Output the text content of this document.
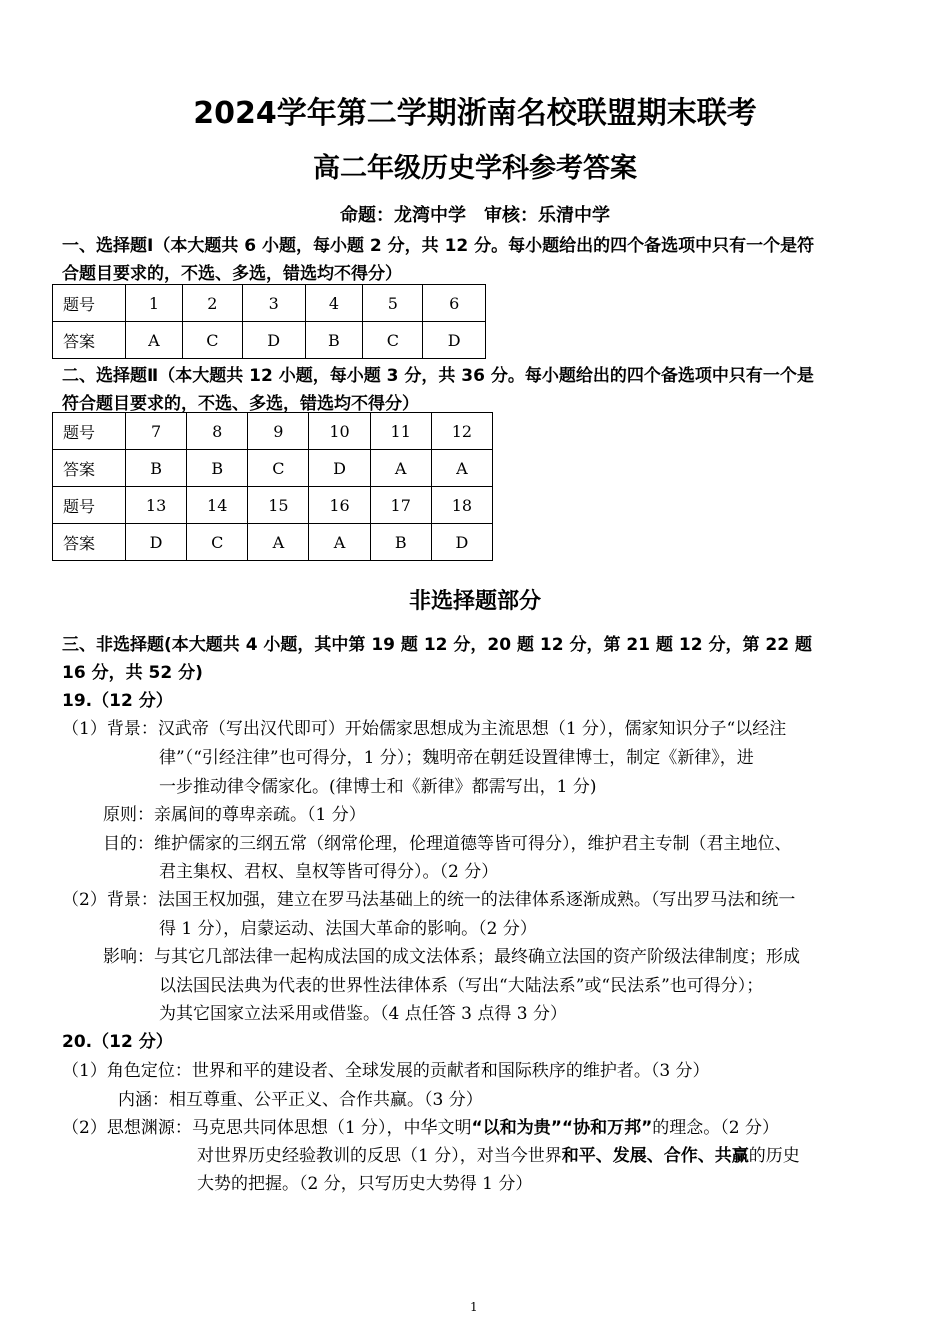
2024学年第二学期浙南名校联盟期末联考
高二年级历史学科参考答案
命题：龙湾中学　审核：乐清中学
一、选择题Ⅰ（本大题共 6 小题，每小题 2 分，共 12 分。每小题给出的四个备选项中只有一个是符
合题目要求的，不选、多选，错选均不得分）
题号	1	2	3	4	5	6
答案	A	C	D	B	C	D
二、选择题Ⅱ（本大题共 12 小题，每小题 3 分，共 36 分。每小题给出的四个备选项中只有一个是
符合题目要求的，不选、多选，错选均不得分）
题号	7	8	9	10	11	12
答案	B	B	C	D	A	A
题号	13	14	15	16	17	18
答案	D	C	A	A	B	D
非选择题部分
三、非选择题(本大题共 4 小题，其中第 19 题 12 分，20 题 12 分，第 21 题 12 分，第 22 题
16 分，共 52 分)
19.（12 分）
（1）背景：汉武帝（写出汉代即可）开始儒家思想成为主流思想（1 分），儒家知识分子“以经注
律”（“引经注律”也可得分，1 分）；魏明帝在朝廷设置律博士，制定《新律》，进
一步推动律令儒家化。(律博士和《新律》都需写出，1 分)
原则：亲属间的尊卑亲疏。（1 分）
目的：维护儒家的三纲五常（纲常伦理，伦理道德等皆可得分），维护君主专制（君主地位、
君主集权、君权、皇权等皆可得分）。（2 分）
（2）背景：法国王权加强，建立在罗马法基础上的统一的法律体系逐渐成熟。（写出罗马法和统一
得 1 分），启蒙运动、法国大革命的影响。（2 分）
影响：与其它几部法律一起构成法国的成文法体系；最终确立法国的资产阶级法律制度；形成
以法国民法典为代表的世界性法律体系（写出“大陆法系”或“民法系”也可得分）；
为其它国家立法采用或借鉴。（4 点任答 3 点得 3 分）
20.（12 分）
（1）角色定位：世界和平的建设者、全球发展的贡献者和国际秩序的维护者。（3 分）
内涵：相互尊重、公平正义、合作共赢。（3 分）
（2）思想渊源：马克思共同体思想（1 分），中华文明“以和为贵”“协和万邦”的理念。（2 分）
对世界历史经验教训的反思（1 分），对当今世界和平、发展、合作、共赢的历史
大势的把握。（2 分，只写历史大势得 1 分）
1
